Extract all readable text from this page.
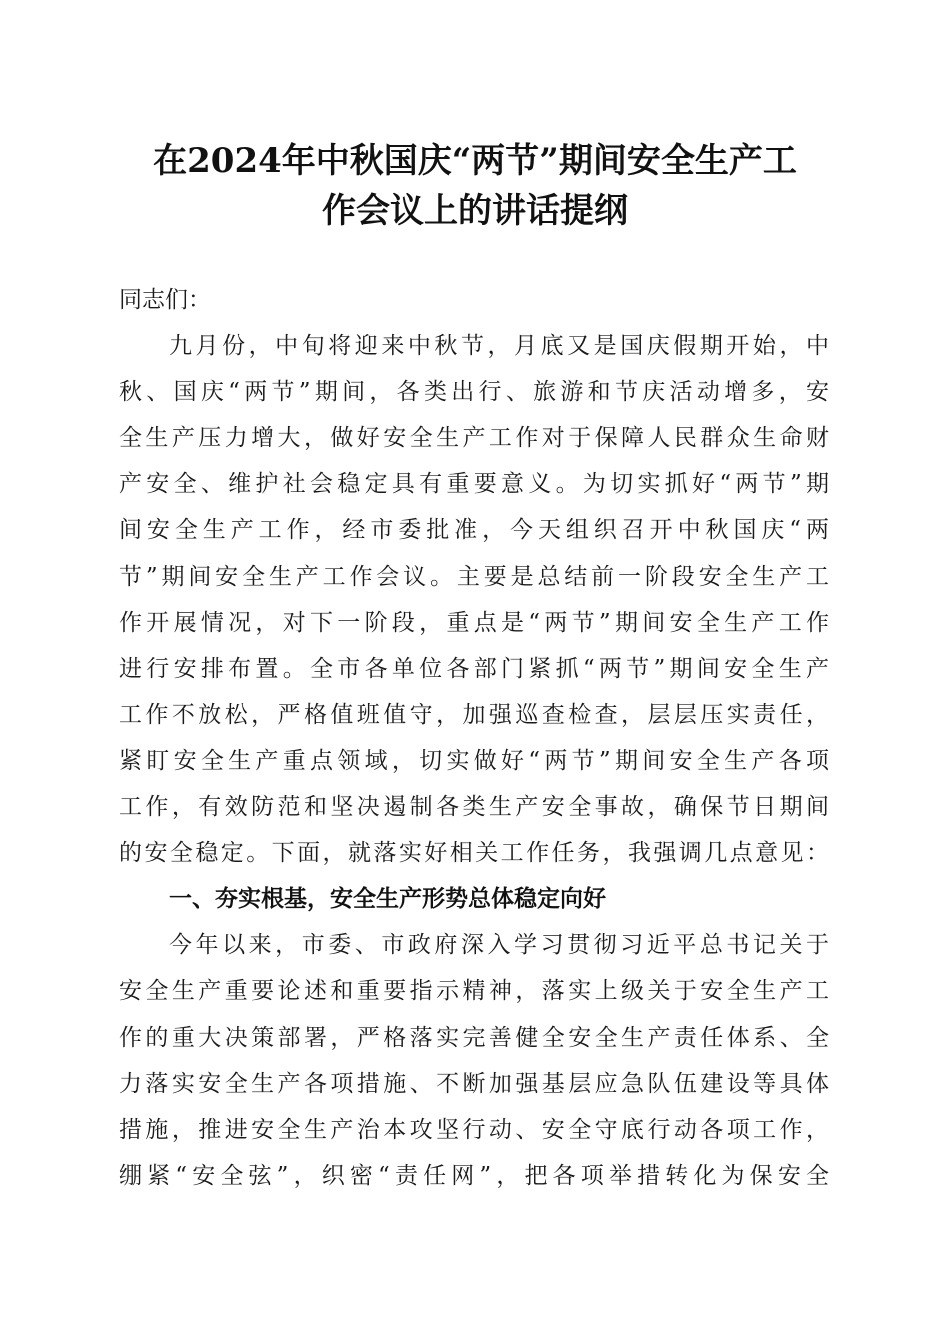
在2024年中秋国庆“两节”期间安全生产工
作会议上的讲话提纲
同志们：
九月份，中旬将迎来中秋节，月底又是国庆假期开始，中
秋、国庆“两节”期间，各类出行、旅游和节庆活动增多，安
全生产压力增大，做好安全生产工作对于保障人民群众生命财
产安全、维护社会稳定具有重要意义。为切实抓好“两节”期
间安全生产工作，经市委批准，今天组织召开中秋国庆“两
节”期间安全生产工作会议。主要是总结前一阶段安全生产工
作开展情况，对下一阶段，重点是“两节”期间安全生产工作
进行安排布置。全市各单位各部门紧抓“两节”期间安全生产
工作不放松，严格值班值守，加强巡查检查，层层压实责任，
紧盯安全生产重点领域，切实做好“两节”期间安全生产各项
工作，有效防范和坚决遏制各类生产安全事故，确保节日期间
的安全稳定。下面，就落实好相关工作任务，我强调几点意见：
一、夯实根基，安全生产形势总体稳定向好
今年以来，市委、市政府深入学习贯彻习近平总书记关于
安全生产重要论述和重要指示精神，落实上级关于安全生产工
作的重大决策部署，严格落实完善健全安全生产责任体系、全
力落实安全生产各项措施、不断加强基层应急队伍建设等具体
措施，推进安全生产治本攻坚行动、安全守底行动各项工作，
绷紧“安全弦”，织密“责任网”，把各项举措转化为保安全
